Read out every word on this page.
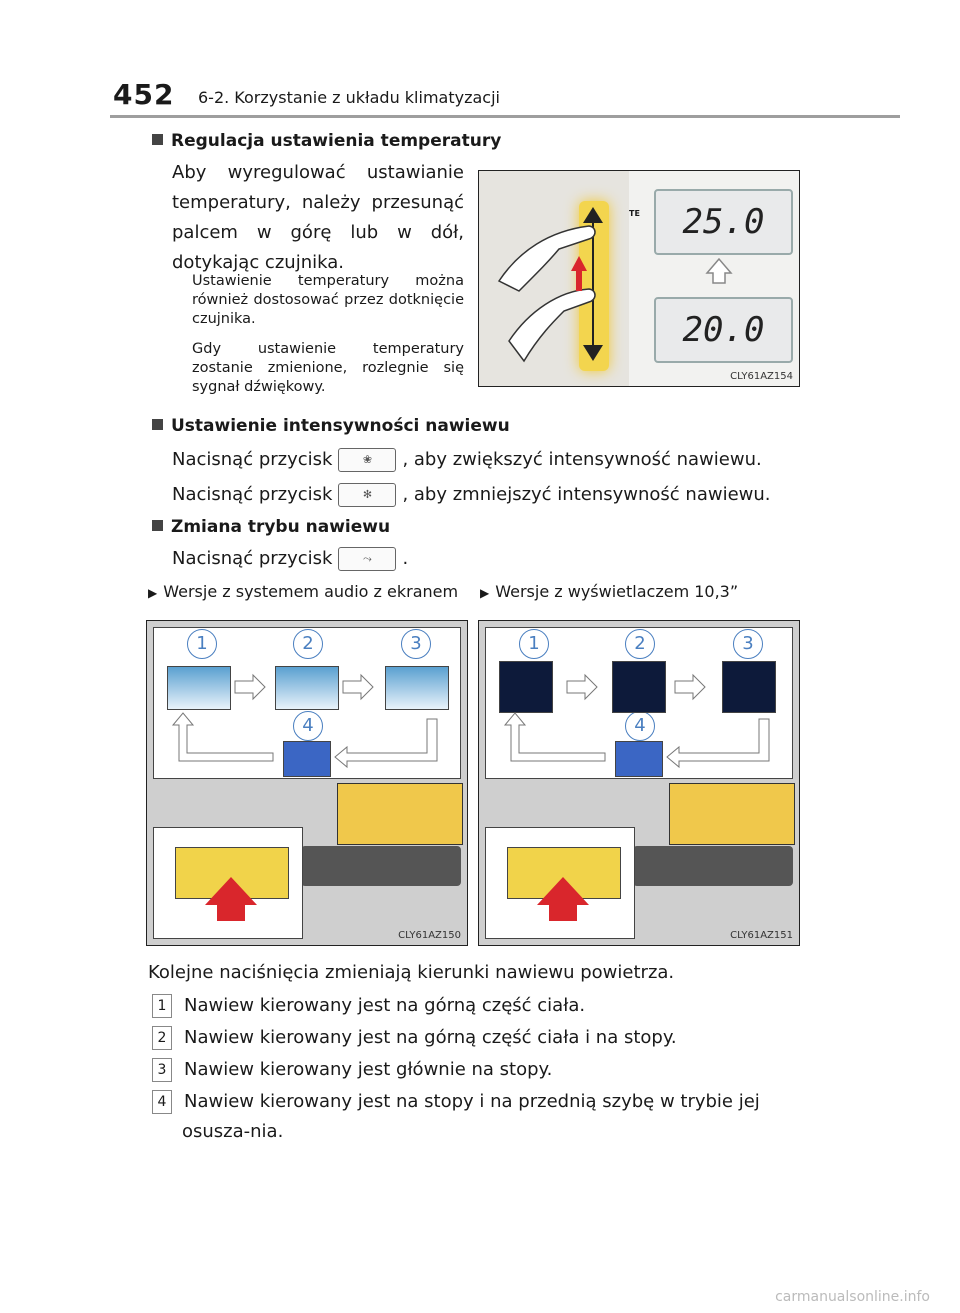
452 6-2. Korzystanie z układu klimatyzacji
Regulacja ustawienia temperatury
Aby wyregulować ustawianie temperatury, należy przesunąć palcem w górę lub w dół, dotykając czujnika.
Ustawienie temperatury można również dostosować przez dotknięcie czujnika.
Gdy ustawienie temperatury zostanie zmienione, rozlegnie się sygnał dźwiękowy.
TE	25.0
20.0
CLY61AZ154
Ustawienie intensywności nawiewu
Nacisnąć przycisk	❀ , aby zwiększyć intensywność nawiewu.
Nacisnąć przycisk	✻ , aby zmniejszyć intensywność nawiewu.
Zmiana trybu nawiewu
Nacisnąć przycisk	⤳ .
▶ Wersje z systemem audio z ekranem ▶ Wersje z wyświetlaczem 10,3”
1	2	3
4
CLY61AZ150
1	2	3
4
CLY61AZ151
Kolejne naciśnięcia zmieniają kierunki nawiewu powietrza.
1 Nawiew kierowany jest na górną część ciała.
2 Nawiew kierowany jest na górną część ciała i na stopy.
3 Nawiew kierowany jest głównie na stopy.
4 Nawiew kierowany jest na stopy i na przednią szybę w trybie jej osusza-nia.
carmanualsonline.info
